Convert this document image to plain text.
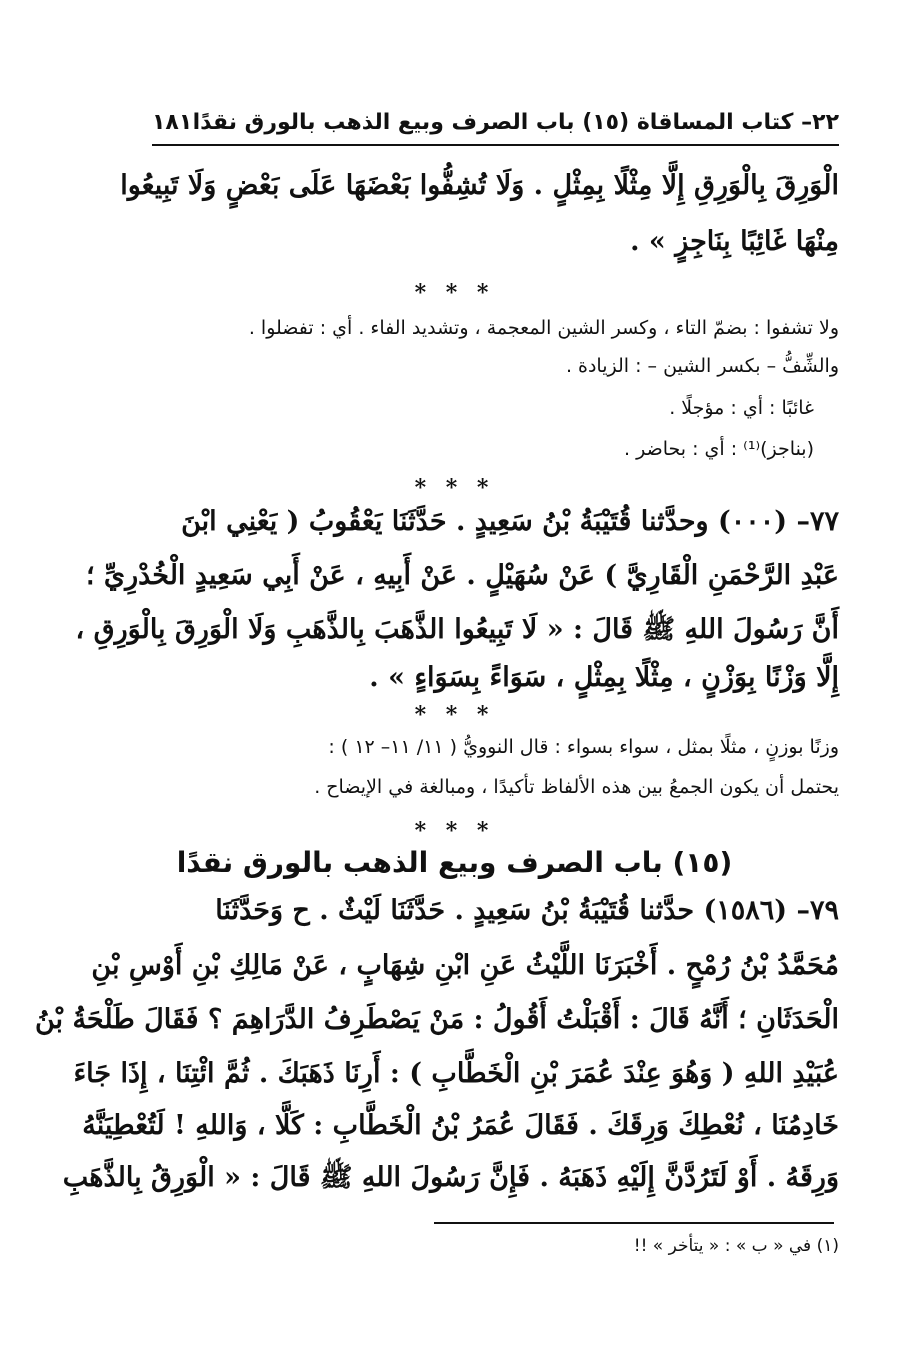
٢٢– كتاب المساقاة (١٥) باب الصرف وبيع الذهب بالورق نقدًا
١٨١
الْوَرِقَ بِالْوَرِقِ إِلَّا مِثْلًا بِمِثْلٍ . وَلَا تُشِفُّوا بَعْضَهَا عَلَى بَعْضٍ وَلَا تَبِيعُوا
مِنْهَا غَائِبًا بِنَاجِزٍ » .
* * *
ولا تشفوا : بضمّ التاء ، وكسر الشين المعجمة ، وتشديد الفاء . أي : تفضلوا .
والشِّفُّ – بكسر الشين – : الزيادة .
غائبًا : أي : مؤجلًا .
(بناجز)⁽¹⁾ : أي : بحاضر .
* * *
٧٧– (٠٠٠) وحدَّثنا قُتَيْبَةُ بْنُ سَعِيدٍ . حَدَّثَنَا يَعْقُوبُ ( يَعْنِي ابْنَ
عَبْدِ الرَّحْمَنِ الْقَارِيَّ ) عَنْ سُهَيْلٍ . عَنْ أَبِيهِ ، عَنْ أَبِي سَعِيدٍ الْخُدْرِيِّ ؛
أَنَّ رَسُولَ اللهِ ﷺ قَالَ : « لَا تَبِيعُوا الذَّهَبَ بِالذَّهَبِ وَلَا الْوَرِقَ بِالْوَرِقِ ،
إِلَّا وَزْنًا بِوَزْنٍ ، مِثْلًا بِمِثْلٍ ، سَوَاءً بِسَوَاءٍ » .
* * *
وزنًا بوزنٍ ، مثلًا بمثل ، سواء بسواء : قال النوويُّ ( ١١/ ١١– ١٢ ) :
يحتمل أن يكون الجمعُ بين هذه الألفاظ تأكيدًا ، ومبالغة في الإيضاح .
* * *
(١٥) باب الصرف وبيع الذهب بالورق نقدًا
٧٩– (١٥٨٦) حدَّثنا قُتَيْبَةُ بْنُ سَعِيدٍ . حَدَّثَنَا لَيْثٌ . ح وَحَدَّثَنَا
مُحَمَّدُ بْنُ رُمْحٍ . أَخْبَرَنَا اللَّيْثُ عَنِ ابْنِ شِهَابٍ ، عَنْ مَالِكِ بْنِ أَوْسِ بْنِ
الْحَدَثَانِ ؛ أَنَّهُ قَالَ : أَقْبَلْتُ أَقُولُ : مَنْ يَصْطَرِفُ الدَّرَاهِمَ ؟ فَقَالَ طَلْحَةُ بْنُ
عُبَيْدِ اللهِ ( وَهُوَ عِنْدَ عُمَرَ بْنِ الْخَطَّابِ ) : أَرِنَا ذَهَبَكَ . ثُمَّ ائْتِنَا ، إِذَا جَاءَ
خَادِمُنَا ، نُعْطِكَ وَرِقَكَ . فَقَالَ عُمَرُ بْنُ الْخَطَّابِ : كَلَّا ، وَاللهِ ! لَتُعْطِيَنَّهُ
وَرِقَهُ . أَوْ لَتَرُدَّنَّ إِلَيْهِ ذَهَبَهُ . فَإِنَّ رَسُولَ اللهِ ﷺ قَالَ : « الْوَرِقُ بِالذَّهَبِ
(١) في « ب » : « يتأخر » !!
